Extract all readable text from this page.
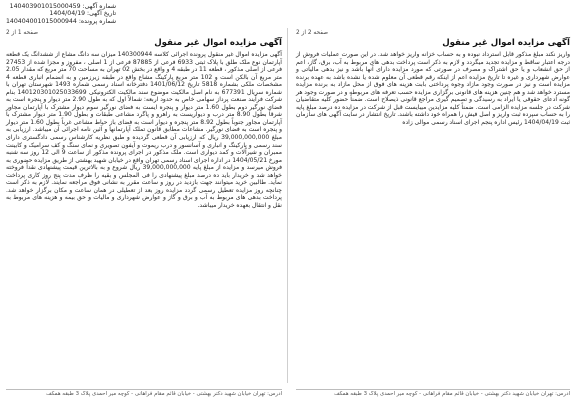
شماره آگهی: 140403901015000459
تاریخ آگهی: 1404/04/19
شماره پرونده: 140404001015000944
صفحه 2 از 2
آگهی مزایده اموال غیر منقول

واریز نکند مبلغ مذکور قابل استرداد نبوده و به حساب خزانه واریز خواهد شد. در این صورت عملیات فروش از درجه اعتبار ساقط و مزایده تجدید میگردد و لازم به ذکر است پرداخت بدهی های مربوط به آب، برق، گاز، اعم از حق انشعاب و یا حق اشتراک و مصرف در صورتی که مورد مزایده دارای آنها باشد و نیز بدهی مالیاتی و عوارض شهرداری و غیره تا تاریخ مزایده اعم از اینکه رقم قطعی آن معلوم شده یا نشده باشد به عهده برنده مزایده است و نیز در صورت وجود مازاد وجوه پرداختی بابت هزینه های فوق از محل مازاد به برنده مزایده مسترد خواهد شد و هم چنین هزینه های قانونی برگزاری مزایده حسب تعرفه های مربوطه و در صورت وجود هر گونه ادعای حقوقی یا ایراد به رسیدگی و تصمیم گیری مراجع قانونی ذیصلاح است. ضمناً حضور کلیه متقاضیان شرکت در جلسه مزایده الزامی است. ضمناً کلیه مزایدین میبایست قبل از شرکت در مزایده ده درصد مبلغ پایه را به حساب سپرده ثبت واریز و اصل فیش را همراه خود داشته باشند. تاریخ انتشار در سایت آگهی های سازمان ثبت 1404/04/19 رئیس اداره پنجم اجرای اسناد رسمی موالی زاده

صفحه 1 از 2
آگهی مزایده اموال غیر منقول

آگهی مزایده اموال غیر منقول پرونده اجرائی کلاسه 140300944 میزان سه دانگ مشاع از ششدانگ یک قطعه آپارتمان نوع ملک طلق با پلاک ثبتی 6933 فرعی از 87885 فرعی از 1 اصلی ، مفروز و مجزا شده از 27453 فرعی از اصلی مذکور ، قطعه 11 در طبقه 4 و واقع در بخش 02 تهران به مساحت 70 متر مربع که مقدار 2.05 متر مربع آن بالکن است و 102 متر مربع پارکینگ مشاع واقع در طبقه زیرزمین و به انضمام انباری قطعه 4 مشخصات ملکی بشماره 5818 تاریخ 1401/06/12 دفترخانه اسناد رسمی شماره 1493 شهرستان تهران با شماره سریال 677391 به نام اصل مالکیت موضوع سند مالکیت الکترونیکی 140120301025033699 بنام شرکت فرآیند صنعت پرداز سهامی خاص به حدود اربعه: شمالاً اول که به طول 2.90 متر دیوار و پنجره است به فضای نورگیر دوم بطول 1.60 متر دیوار و پنجره ایست به فضای نورگیر سوم دیوار مشترک با آپارتمان مجاور شرقاً بطول 8.90 متر درب و دیواریست به راهرو و پاگرد مشاعی طبقات و بطول 1.90 متر دیوار مشترک با آپارتمان مجاور جنوباً بطول 8.92 متر پنجره و دیوار است به فضای باز حیاط مشاعی غرباً بطول 1.60 متر دیوار و پنجره است به فضای نورگیر. مشاعات مطابق قانون تملک آپارتمانها و آئین نامه اجرائی آن میباشد. ارزیابی به مبلغ 39,000,000,000 ریال که ارزیابی آن قطعی گردیده و طبق نظریه کارشناس رسمی دادگستری دارای سند رسمی و پارکینگ و انباری و آسانسور و درب ریموت و آیفون تصویری و نمای سنگ و کف سرامیک و کابینت ممبران و شیرآلات و کمد دیواری است. ملک مذکور در اجرای پرونده مذکور از ساعت 9 الی 12 روز سه شنبه مورخ 1404/05/21 در اداره اجرای اسناد رسمی تهران واقع در خیابان شهید بهشتی از طریق مزایده حضوری به فروش میرسد و مزایده از مبلغ پایه 39,000,000,000 ریال شروع و به بالاترین قیمت پیشنهادی نقداً فروخته خواهد شد و خریدار باید ده درصد مبلغ پیشنهادی را فی المجلس و بقیه را ظرف مدت پنج روز کاری پرداخت نماید. طالبین خرید میتوانند جهت بازدید در روز و ساعت مقرر به نشانی فوق مراجعه نمایند. لازم به ذکر است چنانچه روز مزایده تعطیل رسمی گردد مزایده روز بعد از تعطیلی در همان ساعت و مکان برگزار خواهد شد. پرداخت بدهی های مربوط به آب و برق و گاز و عوارض شهرداری و مالیات و حق بیمه و هزینه های مربوط به نقل و انتقال بعهده خریدار میباشد.

آدرس: تهران خیابان شهید دکتر بهشتی - خیابان قائم مقام فراهانی - کوچه میر احمدی پلاک 3 طبقه همکف
آدرس: تهران خیابان شهید دکتر بهشتی - خیابان قائم مقام فراهانی - کوچه میر احمدی پلاک 3 طبقه همکف
